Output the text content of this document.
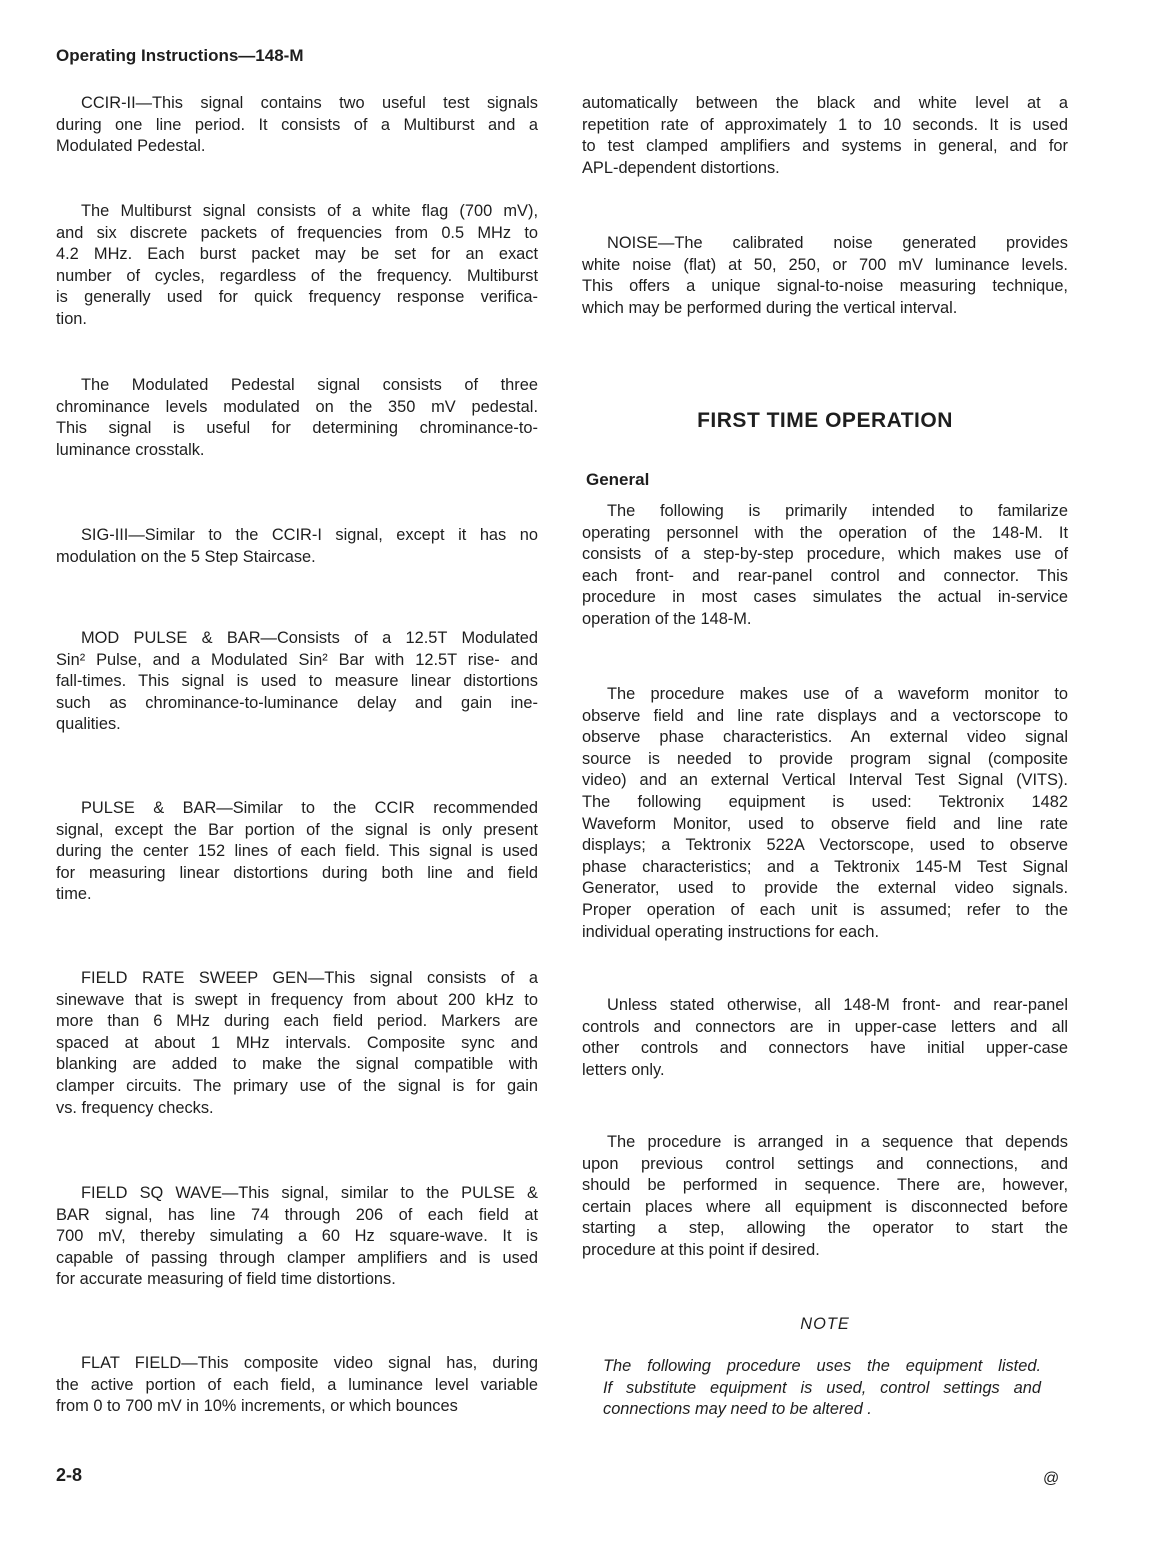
Operating Instructions—148-M
CCIR-II—This signal contains two useful test signals
during one line period. It consists of a Multiburst and a
Modulated Pedestal.
The Multiburst signal consists of a white flag (700 mV),
and six discrete packets of frequencies from 0.5 MHz to
4.2 MHz. Each burst packet may be set for an exact
number of cycles, regardless of the frequency. Multiburst
is generally used for quick frequency response verifica-
tion.
The Modulated Pedestal signal consists of three
chrominance levels modulated on the 350 mV pedestal.
This signal is useful for determining chrominance-to-
luminance crosstalk.
SIG-III—Similar to the CCIR-I signal, except it has no
modulation on the 5 Step Staircase.
MOD PULSE & BAR—Consists of a 12.5T Modulated
Sin² Pulse, and a Modulated Sin² Bar with 12.5T rise- and
fall-times. This signal is used to measure linear distortions
such as chrominance-to-luminance delay and gain ine-
qualities.
PULSE & BAR—Similar to the CCIR recommended
signal, except the Bar portion of the signal is only present
during the center 152 lines of each field. This signal is used
for measuring linear distortions during both line and field
time.
FIELD RATE SWEEP GEN—This signal consists of a
sinewave that is swept in frequency from about 200 kHz to
more than 6 MHz during each field period. Markers are
spaced at about 1 MHz intervals. Composite sync and
blanking are added to make the signal compatible with
clamper circuits. The primary use of the signal is for gain
vs. frequency checks.
FIELD SQ WAVE—This signal, similar to the PULSE &
BAR signal, has line 74 through 206 of each field at
700 mV, thereby simulating a 60 Hz square-wave. It is
capable of passing through clamper amplifiers and is used
for accurate measuring of field time distortions.
FLAT FIELD—This composite video signal has, during
the active portion of each field, a luminance level variable
from 0 to 700 mV in 10% increments, or which bounces
automatically between the black and white level at a
repetition rate of approximately 1 to 10 seconds. It is used
to test clamped amplifiers and systems in general, and for
APL-dependent distortions.
NOISE—The calibrated noise generated provides
white noise (flat) at 50, 250, or 700 mV luminance levels.
This offers a unique signal-to-noise measuring technique,
which may be performed during the vertical interval.
FIRST TIME OPERATION
General
The following is primarily intended to familarize
operating personnel with the operation of the 148-M. It
consists of a step-by-step procedure, which makes use of
each front- and rear-panel control and connector. This
procedure in most cases simulates the actual in-service
operation of the 148-M.
The procedure makes use of a waveform monitor to
observe field and line rate displays and a vectorscope to
observe phase characteristics. An external video signal
source is needed to provide program signal (composite
video) and an external Vertical Interval Test Signal (VITS).
The following equipment is used: Tektronix 1482
Waveform Monitor, used to observe field and line rate
displays; a Tektronix 522A Vectorscope, used to observe
phase characteristics; and a Tektronix 145-M Test Signal
Generator, used to provide the external video signals.
Proper operation of each unit is assumed; refer to the
individual operating instructions for each.
Unless stated otherwise, all 148-M front- and rear-panel
controls and connectors are in upper-case letters and all
other controls and connectors have initial upper-case
letters only.
The procedure is arranged in a sequence that depends
upon previous control settings and connections, and
should be performed in sequence. There are, however,
certain places where all equipment is disconnected before
starting a step, allowing the operator to start the
procedure at this point if desired.
NOTE
The following procedure uses the equipment listed.
If substitute equipment is used, control settings and
connections may need to be altered .
2-8	@
